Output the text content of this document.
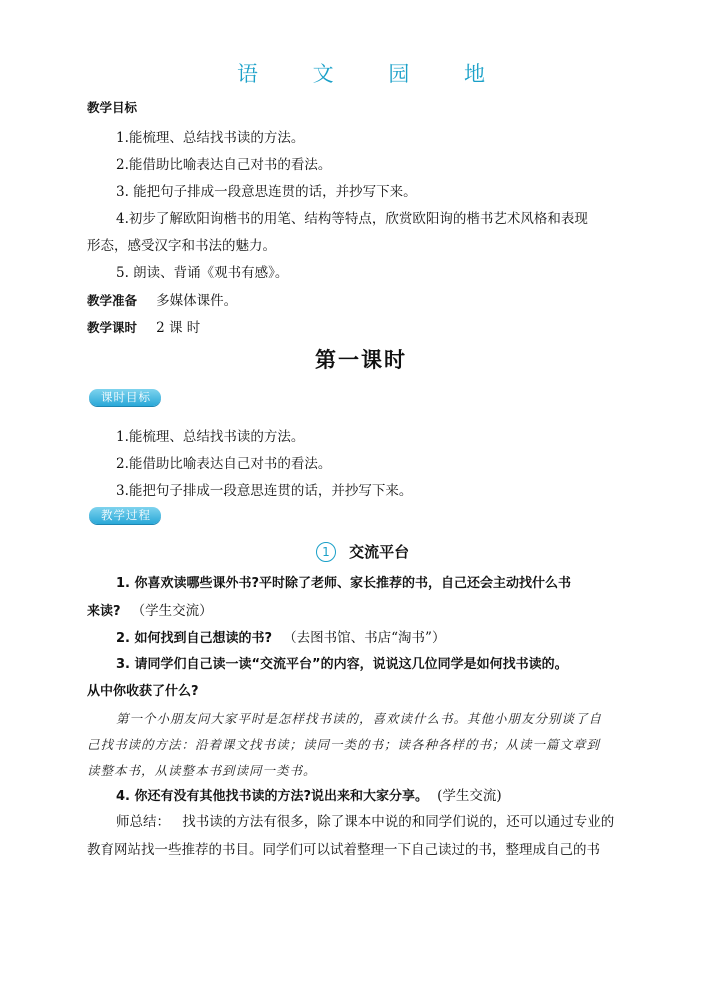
语 文 园 地
教学目标
1.能梳理、总结找书读的方法。
2.能借助比喻表达自己对书的看法。
3. 能把句子排成一段意思连贯的话，并抄写下来。
4.初步了解欧阳询楷书的用笔、结构等特点，欣赏欧阳询的楷书艺术风格和表现
形态，感受汉字和书法的魅力。
5. 朗读、背诵《观书有感》。
教学准备 多媒体课件。
教学课时 2 课 时
第一课时
课时目标
1.能梳理、总结找书读的方法。
2.能借助比喻表达自己对书的看法。
3.能把句子排成一段意思连贯的话，并抄写下来。
教学过程
1 交流平台
1. 你喜欢读哪些课外书?平时除了老师、家长推荐的书，自己还会主动找什么书
来读? （学生交流）
2. 如何找到自己想读的书? （去图书馆、书店“淘书”）
3. 请同学们自己读一读“交流平台”的内容，说说这几位同学是如何找书读的。
从中你收获了什么?
第一个小朋友问大家平时是怎样找书读的，喜欢读什么书。其他小朋友分别谈了自
己找书读的方法：沿着课文找书读；读同一类的书；读各种各样的书；从读一篇文章到
读整本书，从读整本书到读同一类书。
4. 你还有没有其他找书读的方法?说出来和大家分享。 (学生交流)
师总结： 找书读的方法有很多，除了课本中说的和同学们说的，还可以通过专业的
教育网站找一些推荐的书目。同学们可以试着整理一下自己读过的书，整理成自己的书
